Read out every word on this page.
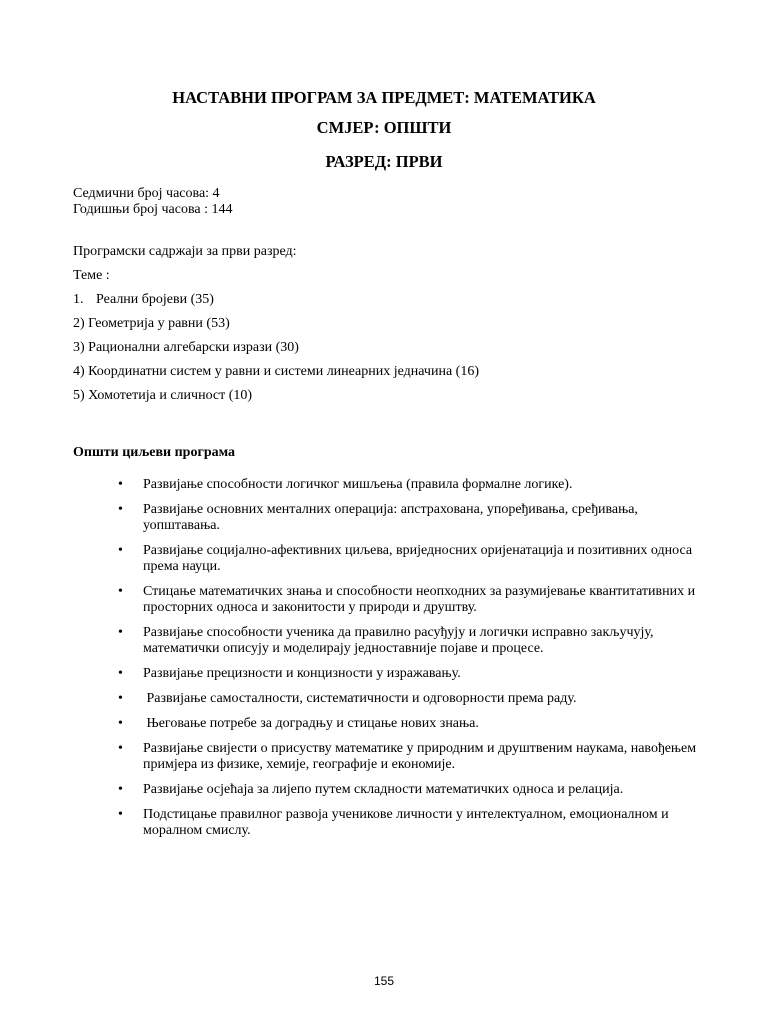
НАСТАВНИ ПРОГРАМ ЗА ПРЕДМЕТ: МАТЕМАТИКА
СМЈЕР: ОПШТИ
РАЗРЕД: ПРВИ
Седмични број часова: 4
Годишњи број часова : 144
Програмски садржаји за први разред:
Теме :
1. Реални бројеви (35)
2) Геометрија у равни (53)
3) Рационални алгебарски изрази (30)
4) Координатни систем у равни и системи линеарних једначина (16)
5) Хомотетија и сличност (10)
Општи циљеви програма
•	Развијање способности логичког мишљења (правила формалне логике).
•	Развијање основних менталних операција: апстрахована, упоређивања, сређивања, уопштавања.
•	Развијање социјално-афективних циљева, вриједносних оријенатација и позитивних односа према науци.
•	Стицање математичких знања и способности неопходних за разумијевање квантитативних и просторних односа и законитости у природи и друштву.
•	Развијање способности ученика да правилно расуђују и логички исправно закључују, математички описују и моделирају једноставније појаве и процесе.
•	Развијање прецизности и концизности у изражавању.
•	Развијање самосталности, систематичности и одговорности према раду.
•	Његовање потребе за доградњу и стицање нових знања.
•	Развијање свијести о присуству математике у природним и друштвеним наукама, навођењем примјера из физике, хемије, географије и економије.
•	Развијање осјећаја за лијепо путем складности математичких односа и релација.
•	Подстицање правилног развоја ученикове личности у интелектуалном, емоционалном и моралном смислу.
155
